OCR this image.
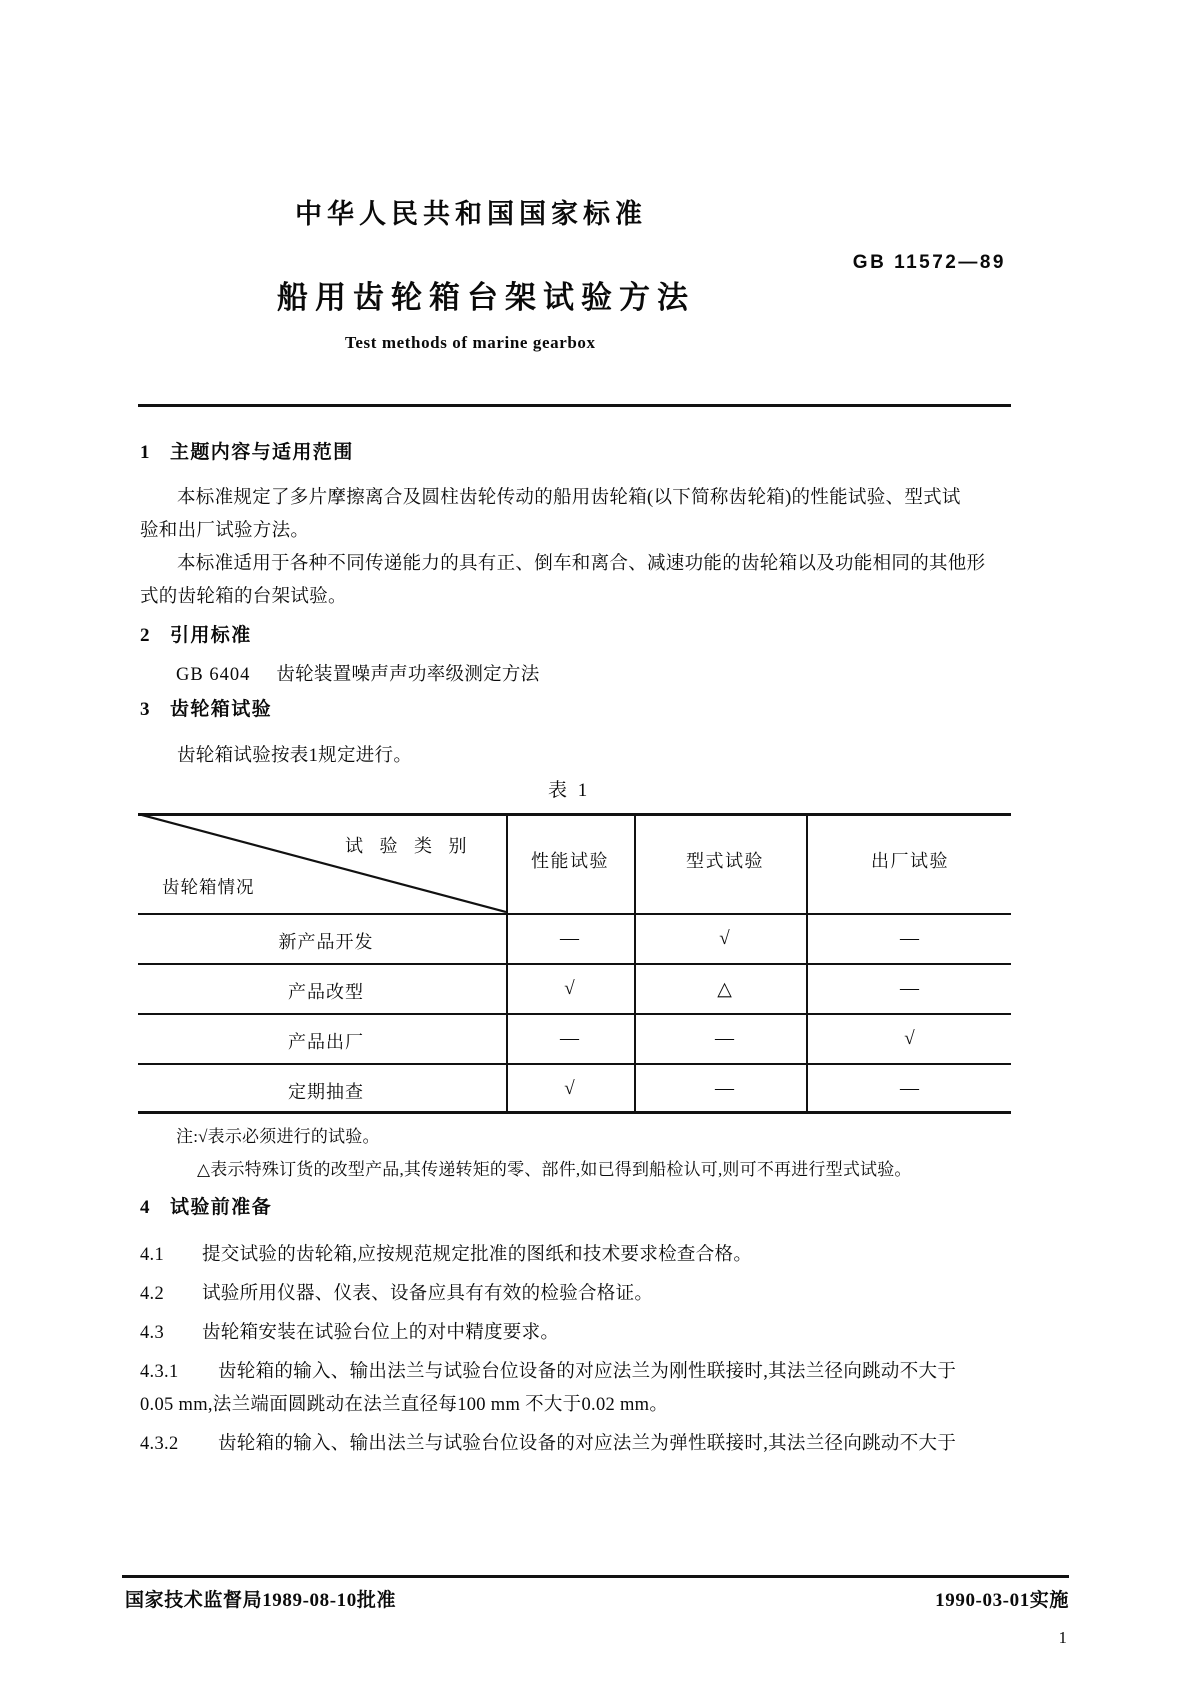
中华人民共和国国家标准
GB 11572—89
船用齿轮箱台架试验方法
Test methods of marine gearbox
1 主题内容与适用范围
本标准规定了多片摩擦离合及圆柱齿轮传动的船用齿轮箱(以下简称齿轮箱)的性能试验、型式试
验和出厂试验方法。
本标准适用于各种不同传递能力的具有正、倒车和离合、减速功能的齿轮箱以及功能相同的其他形
式的齿轮箱的台架试验。
2 引用标准
GB 6404 齿轮装置噪声声功率级测定方法
3 齿轮箱试验
齿轮箱试验按表1规定进行。
表 1
试 验 类 别
齿轮箱情况
性能试验	型式试验	出厂试验
新产品开发	—	√	—
产品改型	√	△	—
产品出厂	—	—	√
定期抽查	√	—	—
注:√表示必须进行的试验。
△表示特殊订货的改型产品,其传递转矩的零、部件,如已得到船检认可,则可不再进行型式试验。
4 试验前准备
4.1 提交试验的齿轮箱,应按规范规定批准的图纸和技术要求检查合格。
4.2 试验所用仪器、仪表、设备应具有有效的检验合格证。
4.3 齿轮箱安装在试验台位上的对中精度要求。
4.3.1 齿轮箱的输入、输出法兰与试验台位设备的对应法兰为刚性联接时,其法兰径向跳动不大于
0.05 mm,法兰端面圆跳动在法兰直径每100 mm 不大于0.02 mm。
4.3.2 齿轮箱的输入、输出法兰与试验台位设备的对应法兰为弹性联接时,其法兰径向跳动不大于
国家技术监督局1989-08-10批准	1990-03-01实施
1
